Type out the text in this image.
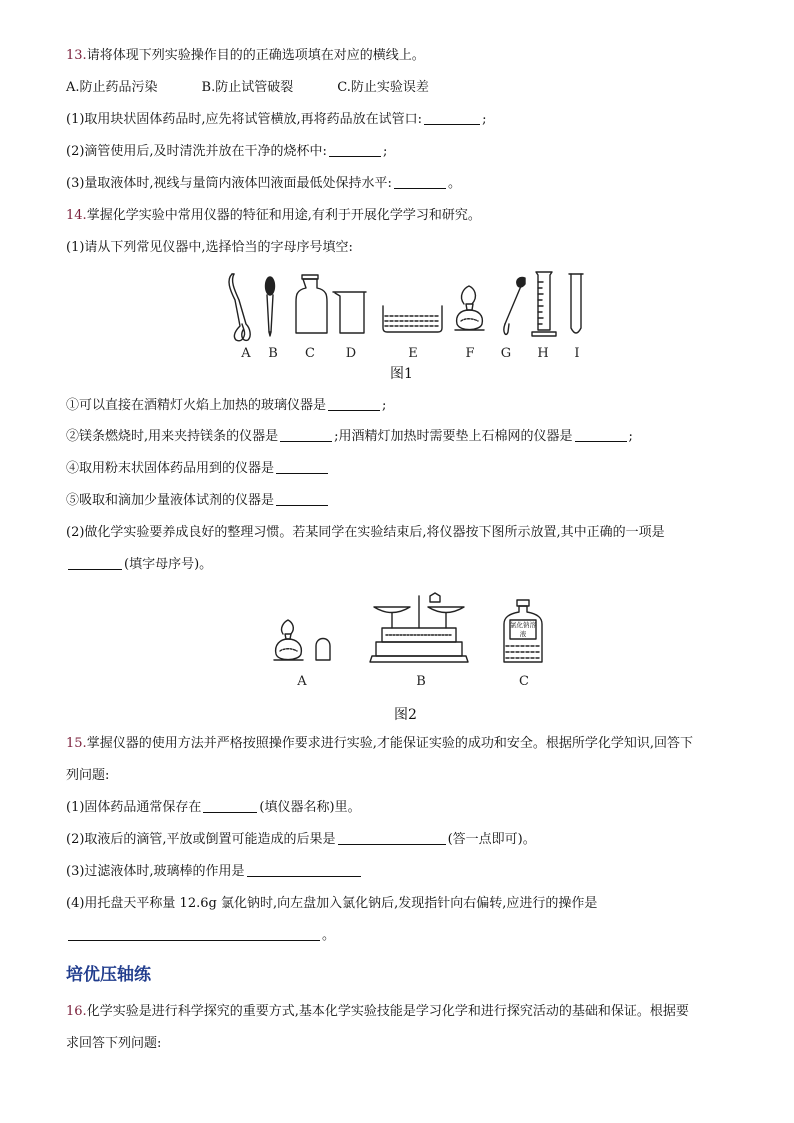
13.请将体现下列实验操作目的的正确选项填在对应的横线上。
A.防止药品污染	B.防止试管破裂	C.防止实验误差
(1)取用块状固体药品时,应先将试管横放,再将药品放在试管口:	;
(2)滴管使用后,及时清洗并放在干净的烧杯中:	;
(3)量取液体时,视线与量筒内液体凹液面最低处保持水平:	。
14.掌握化学实验中常用仪器的特征和用途,有利于开展化学学习和研究。
(1)请从下列常见仪器中,选择恰当的字母序号填空:
A B C D	E	F G H I
图1
①可以直接在酒精灯火焰上加热的玻璃仪器是	;
②镁条燃烧时,用来夹持镁条的仪器是	;用酒精灯加热时需要垫上石棉网的仪器是	;
④取用粉末状固体药品用到的仪器是
⑤吸取和滴加少量液体试剂的仪器是
(2)做化学实验要养成良好的整理习惯。若某同学在实验结束后,将仪器按下图所示放置,其中正确的一项是
(填字母序号)。
氯化钠溶液
A	B	C
图2
15.掌握仪器的使用方法并严格按照操作要求进行实验,才能保证实验的成功和安全。根据所学化学知识,回答下
列问题:
(1)固体药品通常保存在	(填仪器名称)里。
(2)取液后的滴管,平放或倒置可能造成的后果是	(答一点即可)。
(3)过滤液体时,玻璃棒的作用是
(4)用托盘天平称量 12.6g 氯化钠时,向左盘加入氯化钠后,发现指针向右偏转,应进行的操作是
。
培优压轴练
16.化学实验是进行科学探究的重要方式,基本化学实验技能是学习化学和进行探究活动的基础和保证。根据要
求回答下列问题:
